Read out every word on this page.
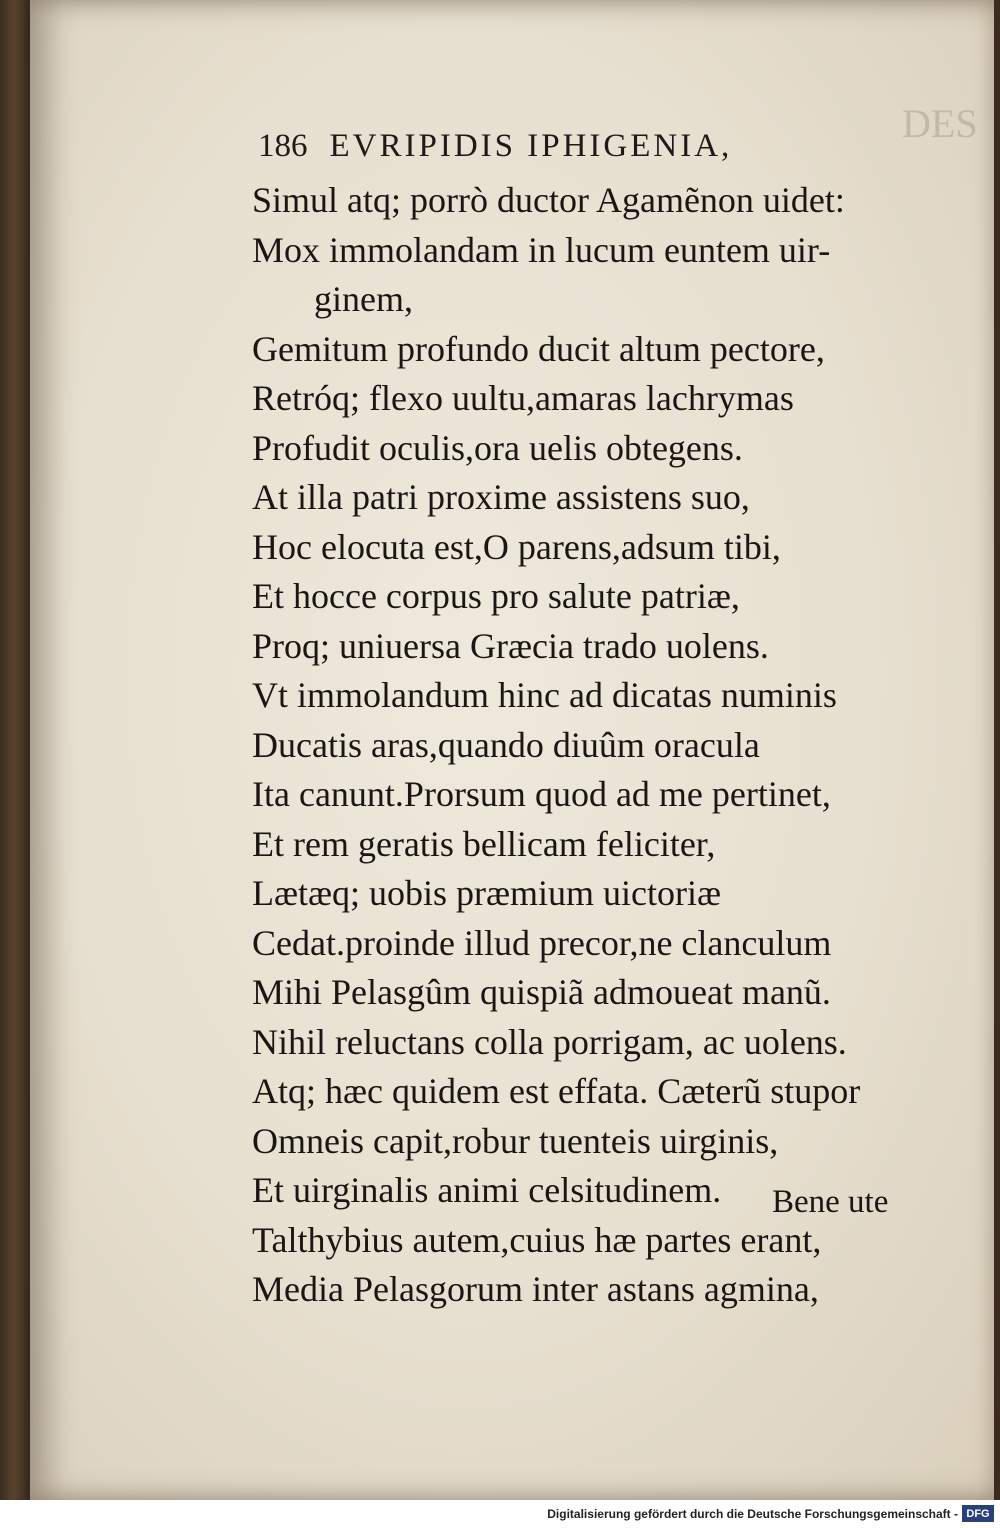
DES
186 EVRIPIDIS IPHIGENIA,
Simul atq; porrò ductor Agamẽnon uidet:
Mox immolandam in lucum euntem uir-
ginem,
Gemitum profundo ducit altum pectore,
Retróq; flexo uultu,amaras lachrymas
Profudit oculis,ora uelis obtegens.
At illa patri proxime assistens suo,
Hoc elocuta est,O parens,adsum tibi,
Et hocce corpus pro salute patriæ,
Proq; uniuersa Græcia trado uolens.
Vt immolandum hinc ad dicatas numinis
Ducatis aras,quando diuûm oracula
Ita canunt.Prorsum quod ad me pertinet,
Et rem geratis bellicam feliciter,
Lætæq; uobis præmium uictoriæ
Cedat.proinde illud precor,ne clanculum
Mihi Pelasgûm quispiã admoueat manũ.
Nihil reluctans colla porrigam, ac uolens.
Atq; hæc quidem est effata. Cæterũ stupor
Omneis capit,robur tuenteis uirginis,
Et uirginalis animi celsitudinem.
Talthybius autem,cuius hæ partes erant,
Media Pelasgorum inter astans agmina,
Bene ute
Digitalisierung gefördert durch die Deutsche Forschungsgemeinschaft - DFG
